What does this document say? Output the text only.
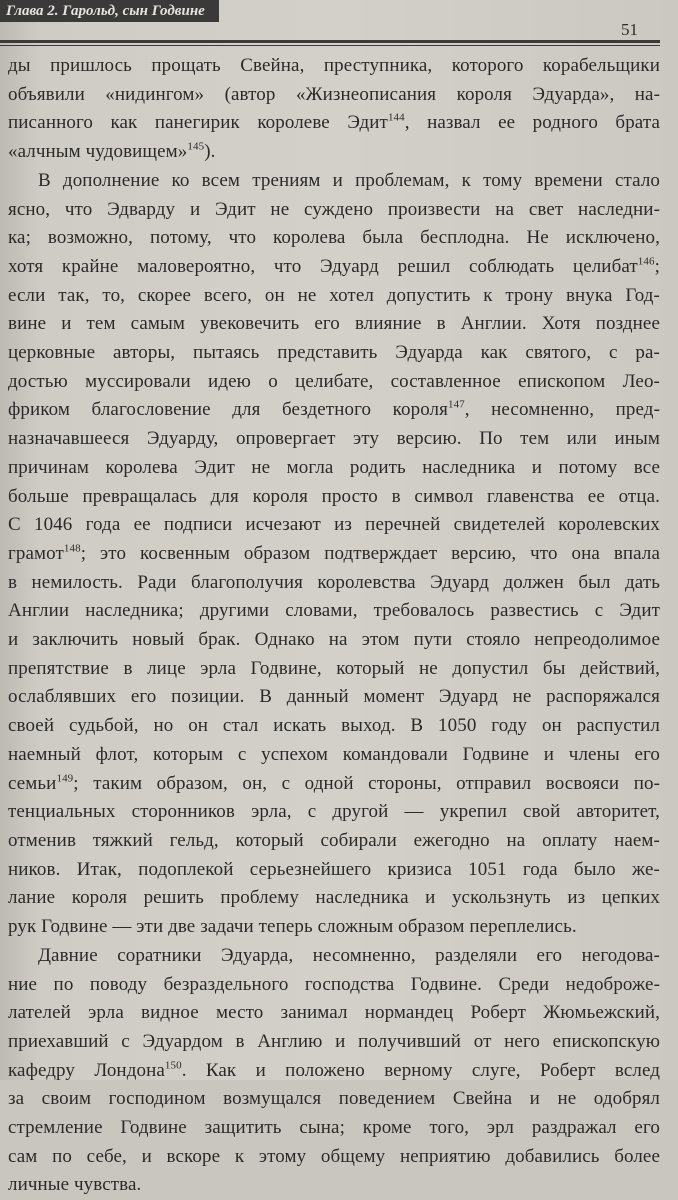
Глава 2. Гарольд, сын Годвине
51
ды пришлось прощать Свейна, преступника, которого корабельщики
объявили «нидингом» (автор «Жизнеописания короля Эдуарда», на-
писанного как панегирик королеве Эдит$^{144}$, назвал ее родного брата
«алчным чудовищем»$^{145}$).
В дополнение ко всем трениям и проблемам, к тому времени стало
ясно, что Эдварду и Эдит не суждено произвести на свет наследни-
ка; возможно, потому, что королева была бесплодна. Не исключено,
хотя крайне маловероятно, что Эдуард решил соблюдать целибат$^{146}$;
если так, то, скорее всего, он не хотел допустить к трону внука Год-
вине и тем самым увековечить его влияние в Англии. Хотя позднее
церковные авторы, пытаясь представить Эдуарда как святого, с ра-
достью муссировали идею о целибате, составленное епископом Лео-
фриком благословение для бездетного короля$^{147}$, несомненно, пред-
назначавшееся Эдуарду, опровергает эту версию. По тем или иным
причинам королева Эдит не могла родить наследника и потому все
больше превращалась для короля просто в символ главенства ее отца.
С 1046 года ее подписи исчезают из перечней свидетелей королевских
грамот$^{148}$; это косвенным образом подтверждает версию, что она впала
в немилость. Ради благополучия королевства Эдуард должен был дать
Англии наследника; другими словами, требовалось развестись с Эдит
и заключить новый брак. Однако на этом пути стояло непреодолимое
препятствие в лице эрла Годвине, который не допустил бы действий,
ослаблявших его позиции. В данный момент Эдуард не распоряжался
своей судьбой, но он стал искать выход. В 1050 году он распустил
наемный флот, которым с успехом командовали Годвине и члены его
семьи$^{149}$; таким образом, он, с одной стороны, отправил восвояси по-
тенциальных сторонников эрла, с другой — укрепил свой авторитет,
отменив тяжкий гельд, который собирали ежегодно на оплату наем-
ников. Итак, подоплекой серьезнейшего кризиса 1051 года было же-
лание короля решить проблему наследника и ускользнуть из цепких
рук Годвине — эти две задачи теперь сложным образом переплелись.
Давние соратники Эдуарда, несомненно, разделяли его негодова-
ние по поводу безраздельного господства Годвине. Среди недоброже-
лателей эрла видное место занимал нормандец Роберт Жюмьежский,
приехавший с Эдуардом в Англию и получивший от него епископскую
кафедру Лондона$^{150}$. Как и положено верному слуге, Роберт вслед
за своим господином возмущался поведением Свейна и не одобрял
стремление Годвине защитить сына; кроме того, эрл раздражал его
сам по себе, и вскоре к этому общему неприятию добавились более
личные чувства.
